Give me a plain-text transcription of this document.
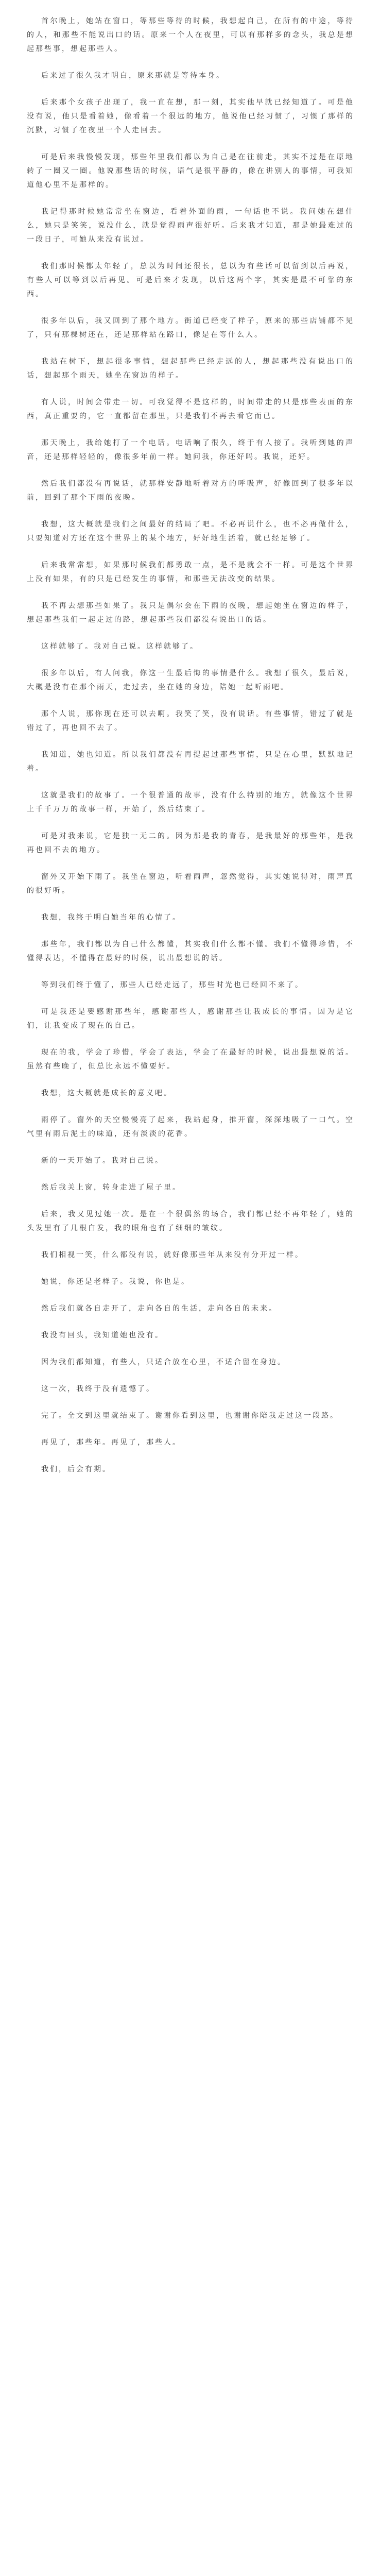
首尔晚上，她站在窗口，等那些等待的时候，我想起自己，在所有的中途，等待的人，和那些不能说出口的话。原来一个人在夜里，可以有那样多的念头，我总是想起那些事，想起那些人。

后来过了很久我才明白，原来那就是等待本身。

后来那个女孩子出现了，我一直在想，那一刻，其实他早就已经知道了。可是他没有说，他只是看着她，像看着一个很远的地方，他说他已经习惯了，习惯了那样的沉默，习惯了在夜里一个人走回去。

可是后来我慢慢发现，那些年里我们都以为自己是在往前走，其实不过是在原地转了一圈又一圈。他说那些话的时候，语气是很平静的，像在讲别人的事情，可我知道他心里不是那样的。

我记得那时候她常常坐在窗边，看着外面的雨，一句话也不说。我问她在想什么，她只是笑笑，说没什么，就是觉得雨声很好听。后来我才知道，那是她最难过的一段日子，可她从来没有说过。

我们那时候都太年轻了，总以为时间还很长，总以为有些话可以留到以后再说，有些人可以等到以后再见。可是后来才发现，以后这两个字，其实是最不可靠的东西。

很多年以后，我又回到了那个地方。街道已经变了样子，原来的那些店铺都不见了，只有那棵树还在，还是那样站在路口，像是在等什么人。

我站在树下，想起很多事情，想起那些已经走远的人，想起那些没有说出口的话，想起那个雨天，她坐在窗边的样子。

有人说，时间会带走一切。可我觉得不是这样的，时间带走的只是那些表面的东西，真正重要的，它一直都留在那里，只是我们不再去看它而已。

那天晚上，我给她打了一个电话。电话响了很久，终于有人接了。我听到她的声音，还是那样轻轻的，像很多年前一样。她问我，你还好吗。我说，还好。

然后我们都没有再说话，就那样安静地听着对方的呼吸声，好像回到了很多年以前，回到了那个下雨的夜晚。

我想，这大概就是我们之间最好的结局了吧。不必再说什么，也不必再做什么，只要知道对方还在这个世界上的某个地方，好好地生活着，就已经足够了。

后来我常常想，如果那时候我们都勇敢一点，是不是就会不一样。可是这个世界上没有如果，有的只是已经发生的事情，和那些无法改变的结果。

我不再去想那些如果了。我只是偶尔会在下雨的夜晚，想起她坐在窗边的样子，想起那些我们一起走过的路，想起那些我们都没有说出口的话。

这样就够了。我对自己说。这样就够了。

很多年以后，有人问我，你这一生最后悔的事情是什么。我想了很久，最后说，大概是没有在那个雨天，走过去，坐在她的身边，陪她一起听雨吧。

那个人说，那你现在还可以去啊。我笑了笑，没有说话。有些事情，错过了就是错过了，再也回不去了。

我知道，她也知道。所以我们都没有再提起过那些事情，只是在心里，默默地记着。

这就是我们的故事了。一个很普通的故事，没有什么特别的地方，就像这个世界上千千万万的故事一样，开始了，然后结束了。

可是对我来说，它是独一无二的。因为那是我的青春，是我最好的那些年，是我再也回不去的地方。

窗外又开始下雨了。我坐在窗边，听着雨声，忽然觉得，其实她说得对，雨声真的很好听。

我想，我终于明白她当年的心情了。

那些年，我们都以为自己什么都懂，其实我们什么都不懂。我们不懂得珍惜，不懂得表达，不懂得在最好的时候，说出最想说的话。

等到我们终于懂了，那些人已经走远了，那些时光也已经回不来了。

可是我还是要感谢那些年，感谢那些人，感谢那些让我成长的事情。因为是它们，让我变成了现在的自己。

现在的我，学会了珍惜，学会了表达，学会了在最好的时候，说出最想说的话。虽然有些晚了，但总比永远不懂要好。

我想，这大概就是成长的意义吧。

雨停了。窗外的天空慢慢亮了起来，我站起身，推开窗，深深地吸了一口气。空气里有雨后泥土的味道，还有淡淡的花香。

新的一天开始了。我对自己说。

然后我关上窗，转身走进了屋子里。

后来，我又见过她一次。是在一个很偶然的场合，我们都已经不再年轻了，她的头发里有了几根白发，我的眼角也有了细细的皱纹。

我们相视一笑，什么都没有说，就好像那些年从来没有分开过一样。

她说，你还是老样子。我说，你也是。

然后我们就各自走开了，走向各自的生活，走向各自的未来。

我没有回头，我知道她也没有。

因为我们都知道，有些人，只适合放在心里，不适合留在身边。

这一次，我终于没有遗憾了。

完了。全文到这里就结束了。谢谢你看到这里，也谢谢你陪我走过这一段路。

再见了，那些年。再见了，那些人。

我们，后会有期。
